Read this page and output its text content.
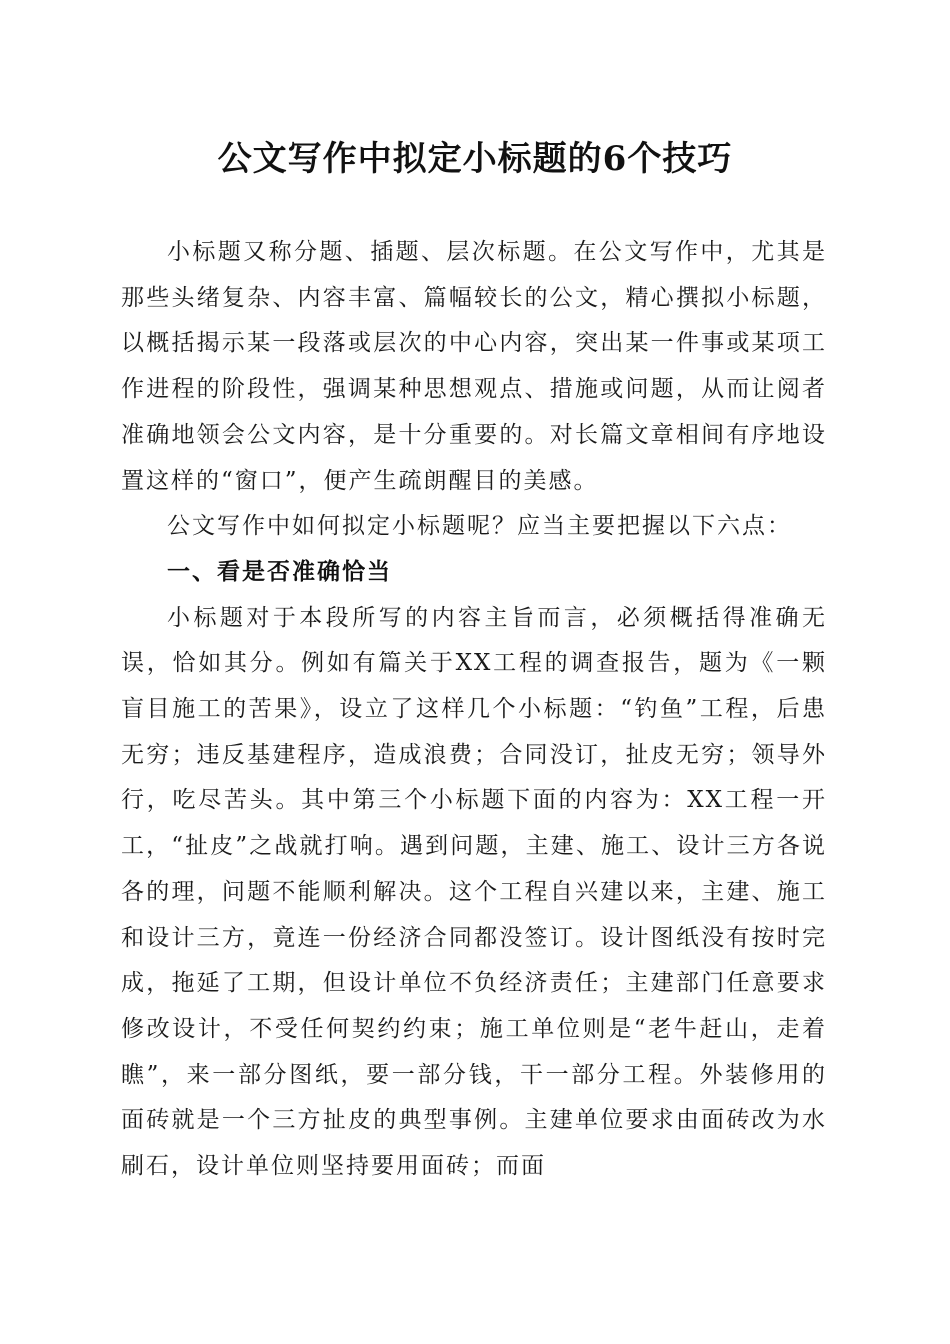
公文写作中拟定小标题的6个技巧

小标题又称分题、插题、层次标题。在公文写作中，尤其是那些头绪复杂、内容丰富、篇幅较长的公文，精心撰拟小标题，以概括揭示某一段落或层次的中心内容，突出某一件事或某项工作进程的阶段性，强调某种思想观点、措施或问题，从而让阅者准确地领会公文内容，是十分重要的。对长篇文章相间有序地设置这样的“窗口”，便产生疏朗醒目的美感。

公文写作中如何拟定小标题呢？应当主要把握以下六点：

一、看是否准确恰当

小标题对于本段所写的内容主旨而言，必须概括得准确无误，恰如其分。例如有篇关于XX工程的调查报告，题为《一颗盲目施工的苦果》，设立了这样几个小标题：“钓鱼”工程，后患无穷；违反基建程序，造成浪费；合同没订，扯皮无穷；领导外行，吃尽苦头。其中第三个小标题下面的内容为：XX工程一开工，“扯皮”之战就打响。遇到问题，主建、施工、设计三方各说各的理，问题不能顺利解决。这个工程自兴建以来，主建、施工和设计三方，竟连一份经济合同都没签订。设计图纸没有按时完成，拖延了工期，但设计单位不负经济责任；主建部门任意要求修改设计，不受任何契约约束；施工单位则是“老牛赶山，走着瞧”，来一部分图纸，要一部分钱，干一部分工程。外装修用的面砖就是一个三方扯皮的典型事例。主建单位要求由面砖改为水刷石，设计单位则坚持要用面砖；而面
